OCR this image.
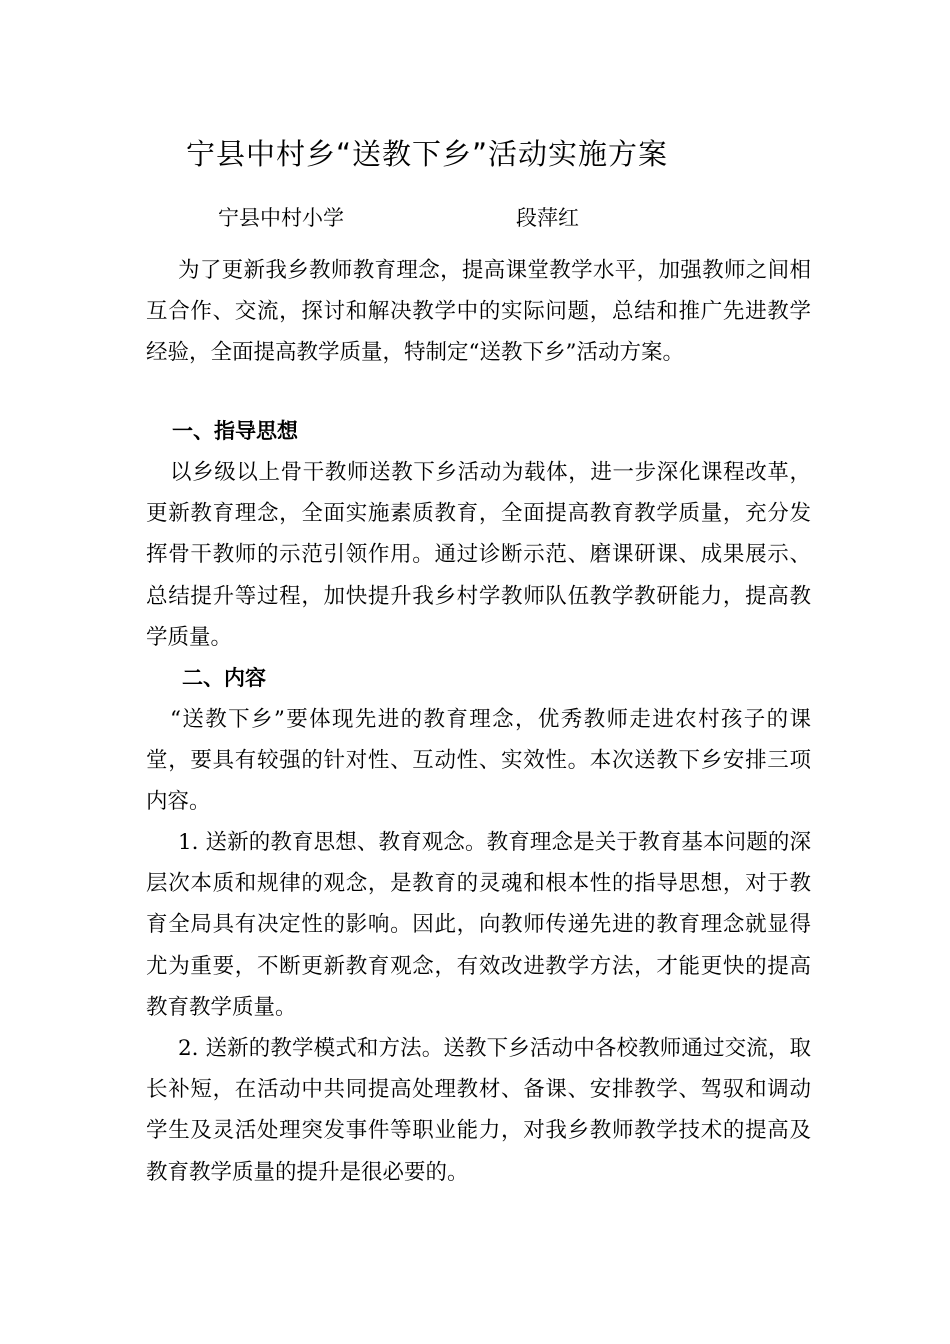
宁县中村乡“送教下乡”活动实施方案
宁县中村小学	段萍红

为了更新我乡教师教育理念，提高课堂教学水平，加强教师之间相互合作、交流，探讨和解决教学中的实际问题，总结和推广先进教学经验，全面提高教学质量，特制定“送教下乡”活动方案。

一、指导思想

以乡级以上骨干教师送教下乡活动为载体，进一步深化课程改革，更新教育理念，全面实施素质教育，全面提高教育教学质量，充分发挥骨干教师的示范引领作用。通过诊断示范、磨课研课、成果展示、总结提升等过程，加快提升我乡村学教师队伍教学教研能力，提高教学质量。

二、内容

“送教下乡”要体现先进的教育理念，优秀教师走进农村孩子的课堂，要具有较强的针对性、互动性、实效性。本次送教下乡安排三项内容。

1. 送新的教育思想、教育观念。教育理念是关于教育基本问题的深层次本质和规律的观念，是教育的灵魂和根本性的指导思想，对于教育全局具有决定性的影响。因此，向教师传递先进的教育理念就显得尤为重要，不断更新教育观念，有效改进教学方法，才能更快的提高教育教学质量。

2. 送新的教学模式和方法。送教下乡活动中各校教师通过交流，取长补短，在活动中共同提高处理教材、备课、安排教学、驾驭和调动学生及灵活处理突发事件等职业能力，对我乡教师教学技术的提高及教育教学质量的提升是很必要的。
